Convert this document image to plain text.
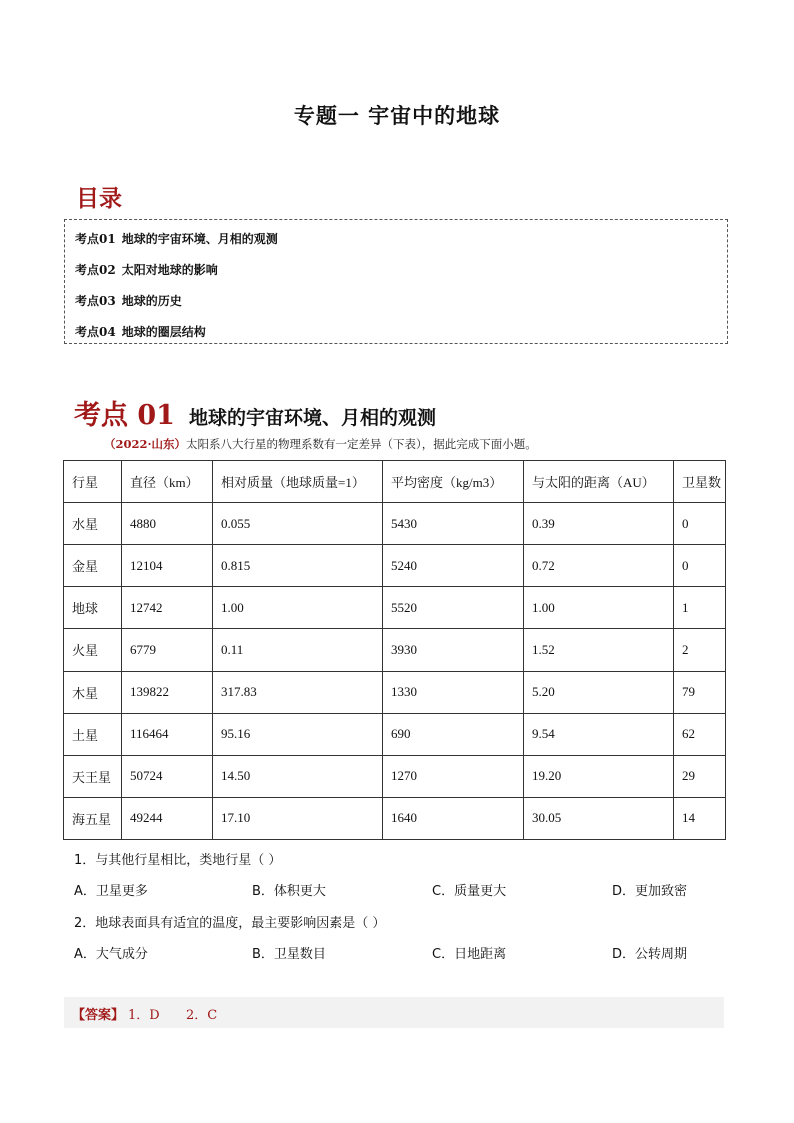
专题一 宇宙中的地球
目录
考点01 地球的宇宙环境、月相的观测
考点02 太阳对地球的影响
考点03 地球的历史
考点04 地球的圈层结构
考点 01 地球的宇宙环境、月相的观测
（2022·山东）太阳系八大行星的物理系数有一定差异（下表），据此完成下面小题。
行星	直径（km）	相对质量（地球质量=1）	平均密度（kg/m3）	与太阳的距离（AU）	卫星数
水星	4880	0.055	5430	0.39	0
金星	12104	0.815	5240	0.72	0
地球	12742	1.00	5520	1.00	1
火星	6779	0.11	3930	1.52	2
木星	139822	317.83	1330	5.20	79
土星	116464	95.16	690	9.54	62
天王星	50724	14.50	1270	19.20	29
海五星	49244	17.10	1640	30.05	14
1．与其他行星相比，类地行星（ ）
A．卫星更多	B．体积更大	C．质量更大	D．更加致密
2．地球表面具有适宜的温度，最主要影响因素是（ ）
A．大气成分	B．卫星数目	C．日地距离	D．公转周期
【答案】 1．D 2．C
